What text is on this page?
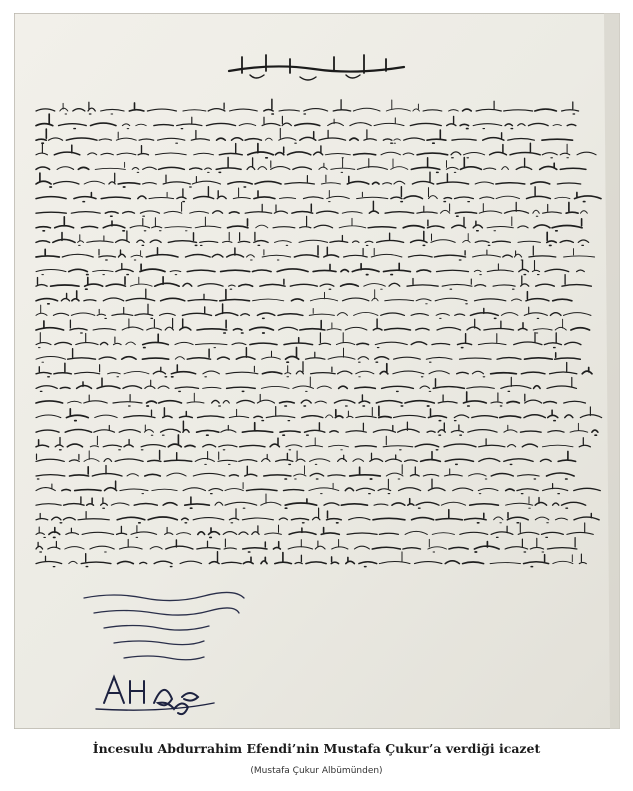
İncesulu Abdurrahim Efendi’nin Mustafa Çukur’a verdiği icazet
(Mustafa Çukur Albümünden)
